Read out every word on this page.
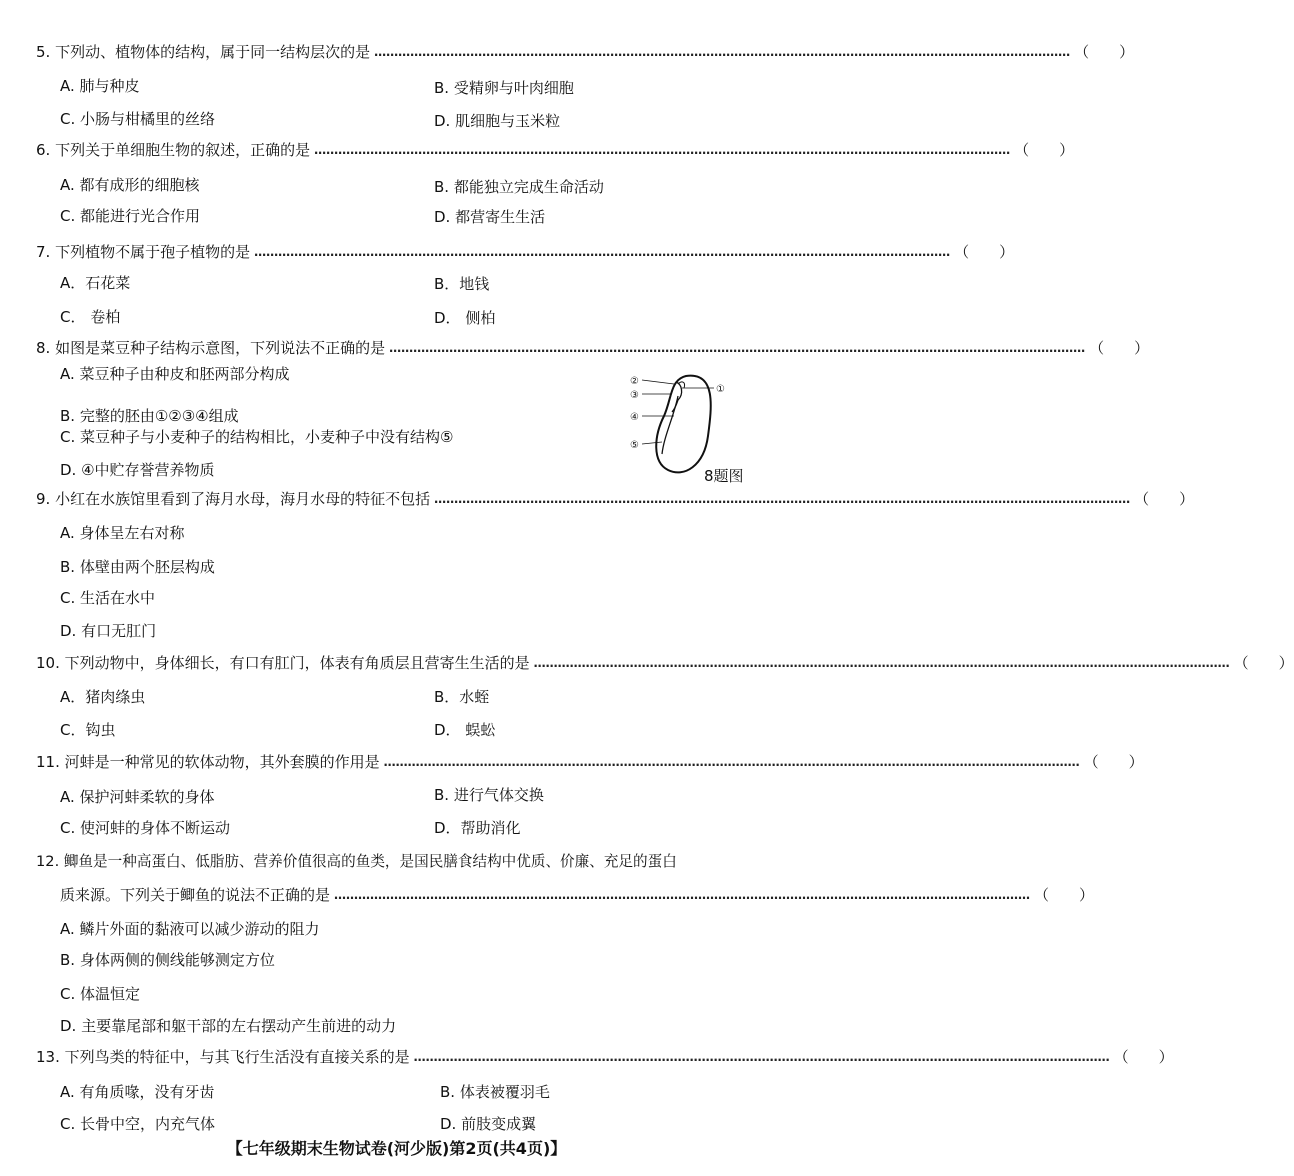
5. 下列动、植物体的结构，属于同一结构层次的是 ………………………………………………………………………………………………………………………………………………………… （　　）
A. 肺与种皮	B. 受精卵与叶肉细胞
C. 小肠与柑橘里的丝络	D. 肌细胞与玉米粒
6. 下列关于单细胞生物的叙述，正确的是 ………………………………………………………………………………………………………………………………………………………… （　　）
A. 都有成形的细胞核	B. 都能独立完成生命活动
C. 都能进行光合作用	D. 都营寄生生活
7. 下列植物不属于孢子植物的是 ………………………………………………………………………………………………………………………………………………………… （　　）
A．石花菜	B．地钱
C． 卷柏	D． 侧柏
8. 如图是菜豆种子结构示意图，下列说法不正确的是 ………………………………………………………………………………………………………………………………………………………… （　　）
A. 菜豆种子由种皮和胚两部分构成
B. 完整的胚由①②③④组成
C. 菜豆种子与小麦种子的结构相比，小麦种子中没有结构⑤
D. ④中贮存誉营养物质
②
③
④
⑤
①
8题图
9. 小红在水族馆里看到了海月水母，海月水母的特征不包括 ………………………………………………………………………………………………………………………………………………………… （　　）
A. 身体呈左右对称
B. 体壁由两个胚层构成
C. 生活在水中
D. 有口无肛门
10. 下列动物中，身体细长，有口有肛门，体表有角质层且营寄生生活的是 ………………………………………………………………………………………………………………………………………………………… （　　）
A．猪肉绦虫	B．水蛭
C．钩虫	D． 蜈蚣
11. 河蚌是一种常见的软体动物，其外套膜的作用是 ………………………………………………………………………………………………………………………………………………………… （　　）
A. 保护河蚌柔软的身体	B. 进行气体交换
C. 使河蚌的身体不断运动	D．帮助消化
12. 鲫鱼是一种高蛋白、低脂肪、营养价值很高的鱼类，是国民膳食结构中优质、价廉、充足的蛋白
质来源。下列关于鲫鱼的说法不正确的是 ………………………………………………………………………………………………………………………………………………………… （　　）
A. 鳞片外面的黏液可以减少游动的阻力
B. 身体两侧的侧线能够测定方位
C. 体温恒定
D. 主要靠尾部和躯干部的左右摆动产生前进的动力
13. 下列鸟类的特征中，与其飞行生活没有直接关系的是 ………………………………………………………………………………………………………………………………………………………… （　　）
A. 有角质喙，没有牙齿	B. 体表被覆羽毛
C. 长骨中空，内充气体	D. 前肢变成翼
【七年级期末生物试卷(河少版)第2页(共4页)】
